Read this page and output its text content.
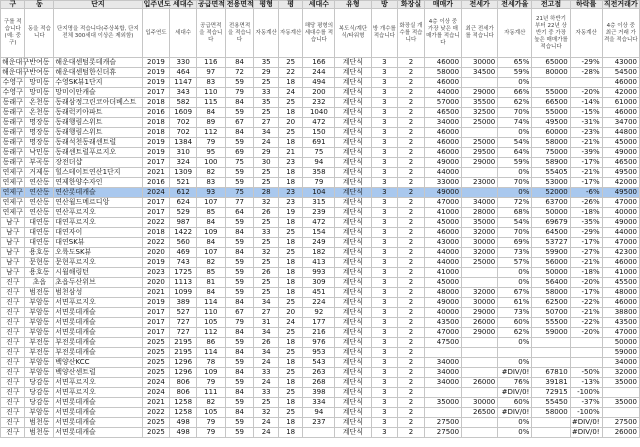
구	동	단지	입주년도	세대수	공급면적	전용면적	평형	평	세대수	유형	방	화장실	매매가	전세가	전세가율	전고점	하락률	직전거래가
구를 적습니다(예: 중구)	동을 적습니다	단지명을 적습니다(주상복합, 단지 전체 300세대 이상은 제외함)	입주연도	세대수	공급면적을 적습니다	전용면적을 적습니다	자동계산	자동계산	해당 평형의 세대수를 적습니다	복도식/계단식/타워형	방 개수를 적습니다	화장실 개수를 적습니다	4층 이상 중 가장 낮은 매매가를 적습니다	최근 전세가를 적습니다	자동계산	21년 하반기 부터 22년 상반기 중 가장 높은 매매가를 적습니다	자동계산	4층 이상 중 최근 거래 가격을 적습니다
해운대구	반여동	해운대센텀롯데캐슬	2019	330	116	84	35	25	166	계단식	3	2	46000	30000	65%	65000	-29%	43000
해운대구	반여동	해운대센텀한신더휴	2019	464	97	72	29	22	244	계단식	3	2	58000	34500	59%	80000	-28%	54500
수영구	망미동	수영SK뷰1단지	2019	1147	83	59	25	18	494	계단식	3	2	46000		0%			46000
수영구	망미동	망미이안캐슬	2017	343	110	79	33	24	200	계단식	3	2	44000	29000	66%	55000	-20%	42000
동래구	온천동	동래삼정그린코아더베스트	2018	582	115	84	35	25	232	계단식	3	2	57000	35500	62%	66500	-14%	61000
동래구	온천동	동래럭키아파트	2016	1609	84	59	25	18	1040	계단식	3	2	46500	32500	70%	55000	-15%	46000
동래구	명장동	동래행림스위트	2018	702	89	67	27	20	472	계단식	3	2	34000	25000	74%	49500	-31%	34700
동래구	명장동	동래행림스위트	2018	702	112	84	34	25	150	계단식	3	2	46000		0%	60000	-23%	44800
동래구	명장동	동래석천동래센트럴	2019	1384	79	59	24	18	691	계단식	3	2	46000	25000	54%	58000	-21%	45000
동래구	낙민동	동래센트럴푸르지오	2019	310	95	69	29	21	75	계단식	3	2	46000	29500	64%	75000	-39%	49000
동래구	부곡동	장전더샵	2017	324	100	75	30	23	94	계단식	3	2	49000	29000	59%	58900	-17%	46500
연제구	거제동	힐스테이트연산1단지	2021	1309	82	59	25	18	358	계단식	3	2	44000		0%	55405	-21%	49500
연제구	연산동	연제한양수자인	2016	521	83	59	25	18	79	계단식	3	2	33000	23000	70%	53000	-17%	42000
연제구	연산동	연산롯데캐슬	2024	612	93	75	28	23	104	계단식	3	2	49000		0%	52000	-6%	49500
연제구	연산동	연산월드메르디앙	2017	624	107	77	32	23	315	계단식	3	2	47000	34000	72%	63700	-26%	47000
연제구	연산동	연산푸르지오	2017	529	85	64	26	19	239	계단식	3	2	41000	28000	68%	50000	-18%	40000
남구	대연동	대연푸르지오	2022	987	84	59	25	18	472	계단식	3	2	45000	35000	54%	69679	-35%	49000
남구	대연동	대연자이	2018	1422	109	84	33	25	154	계단식	3	2	46000	32000	70%	64500	-29%	44000
남구	대연동	대연SK뷰	2022	560	84	59	25	18	249	계단식	3	2	43000	30000	69%	53727	-17%	47000
남구	용호동	오륙도SK뷰	2020	469	107	84	32	25	182	계단식	3	2	44000	32000	73%	59900	-27%	42300
남구	문현동	문현푸르지오	2019	743	82	59	25	18	413	계단식	3	2	44000	25000	57%	56000	-21%	46000
남구	용호동	시월해링턴	2023	1725	85	59	26	18	993	계단식	3	2	41000		0%	50000	-18%	41000
진구	초읍	초읍두산위브	2020	1113	81	59	25	18	309	계단식	3	2	45000		0%	56400	-20%	45500
진구	범전동	범천삼성	2021	1099	84	59	25	18	451	계단식	3	2	48000	32000	67%	58000	-17%	48000
진구	부암동	서면푸르지오	2019	389	114	84	34	25	224	계단식	3	2	49000	30000	61%	62500	-22%	46000
진구	부암동	서면롯데캐슬	2017	527	110	67	27	20	92	계단식	3	2	40000	29000	73%	50700	-21%	38800
진구	부암동	서면롯데캐슬	2017	727	105	79	31	24	177	계단식	3	2	43500	26000	60%	55500	-22%	43500
진구	부암동	서면롯데캐슬	2017	727	112	84	34	25	216	계단식	3	2	47000	29000	62%	59000	-20%	47000
진구	부전동	부전롯데캐슬	2025	2195	86	59	26	18	976	계단식	3	2	47500		0%			50000
진구	부전동	부전롯데캐슬	2025	2195	114	84	34	25	953	계단식	3	2						59000
진구	부암동	백양산KCC	2025	1296	78	59	24	18	543	계단식	3	2	34000		0%			34000
진구	부암동	백양산센트럴	2025	1296	109	84	33	25	263	계단식	3	2	34000		#DIV/0!	67810	-50%	32000
진구	당감동	서면푸르지오	2024	806	79	59	24	18	268	계단식	3	2	34000	26000	76%	39181	-13%	35000
진구	당감동	서면푸르지오	2024	806	111	84	33	25	398	계단식	3	2			#DIV/0!	72915	-100%	
진구	당감동	서면롯데캐슬	2021	1258	82	59	25	18	334	계단식	3	2	35000	30000	60%	55450	-37%	35000
진구	부암동	서면롯데캐슬	2022	1258	105	84	32	25	94	계단식	3	2		26500	#DIV/0!	58000	-100%	
진구	범천동	서면롯데캐슬	2025	498	79	59	24	18	237	계단식	3	2	27500		0%		#DIV/0!	27500
진구	범천동	서면롯데캐슬	2025	498	79	59	24	18		계단식	3	2	27500		0%		#DIV/0!	26000
